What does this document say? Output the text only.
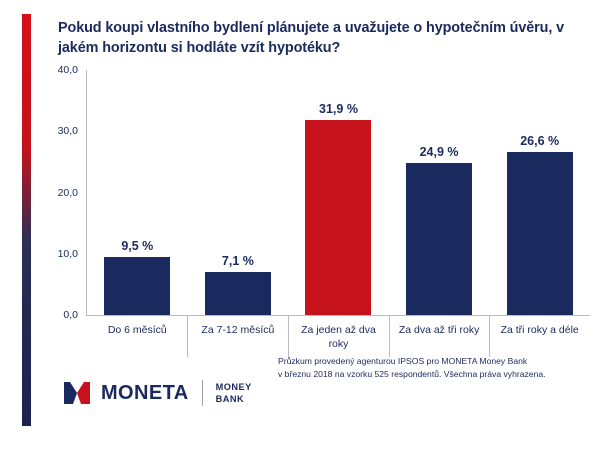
Pokud koupi vlastního bydlení plánujete a uvažujete o hypotečním úvěru, v jakém horizontu si hodláte vzít hypotéku?
0,0
10,0
20,0
30,0
40,0
9,5 %
7,1 %
31,9 %
24,9 %
26,6 %
Do 6 měsíců	Za 7-12 měsíců	Za jeden až dva roky
Za dva až tři roky	Za tři roky a déle
Průzkum provedený agenturou IPSOS pro MONETA Money Bank
v březnu 2018 na vzorku 525 respondentů. Všechna práva vyhrazena.
MONETA	MONEY
BANK
